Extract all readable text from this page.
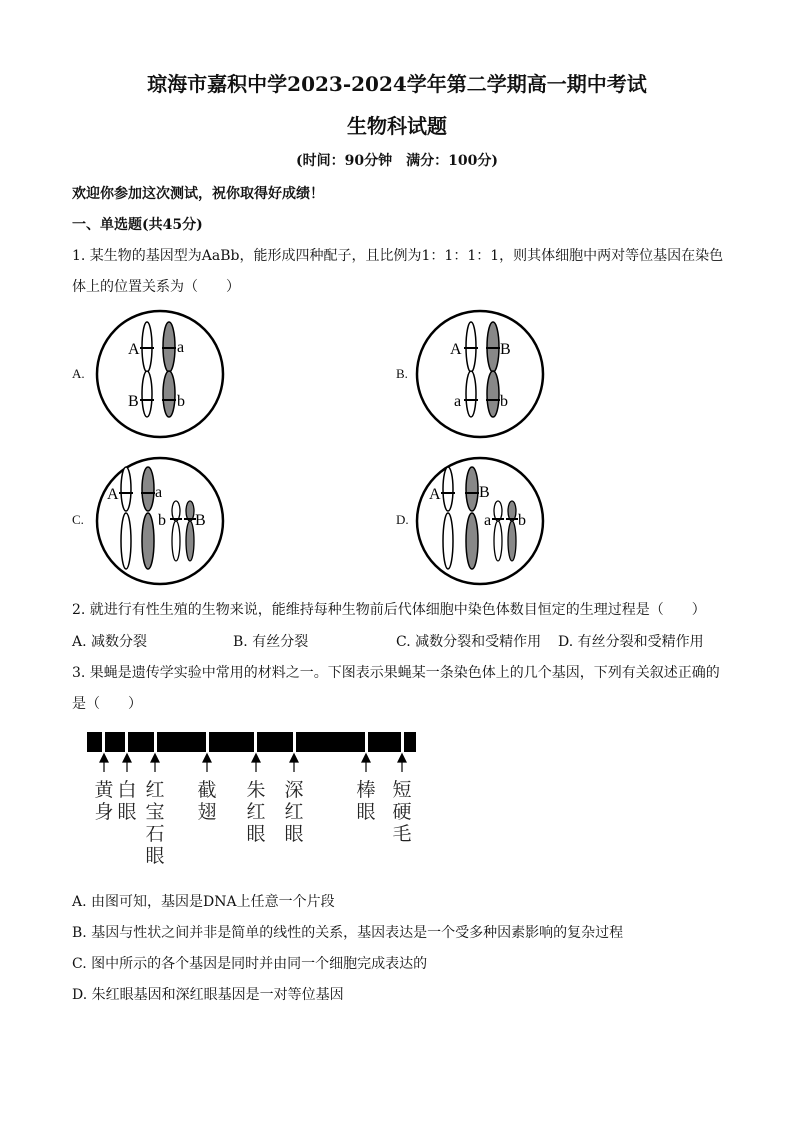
琼海市嘉积中学2023-2024学年第二学期高一期中考试
生物科试题
(时间：90分钟　满分：100分)
欢迎你参加这次测试，祝你取得好成绩！
一、单选题(共45分)
1. 某生物的基因型为AaBb，能形成四种配子，且比例为1：1：1：1，则其体细胞中两对等位基因在染色
体上的位置关系为（　　）
A.
A a
B b
B.
A B
a b
C.
A a
b B	D.
A B
a b
2. 就进行有性生殖的生物来说，能维持每种生物前后代体细胞中染色体数目恒定的生理过程是（　　）
A. 减数分裂	B. 有丝分裂	C. 减数分裂和受精作用 D. 有丝分裂和受精作用
3. 果蝇是遗传学实验中常用的材料之一。下图表示果蝇某一条染色体上的几个基因，下列有关叙述正确的
是（　　）
黄身
白眼
红宝石眼
截翅
朱红眼
深红眼
棒眼
短硬毛
A. 由图可知，基因是DNA上任意一个片段
B. 基因与性状之间并非是简单的线性的关系，基因表达是一个受多种因素影响的复杂过程
C. 图中所示的各个基因是同时并由同一个细胞完成表达的
D. 朱红眼基因和深红眼基因是一对等位基因
